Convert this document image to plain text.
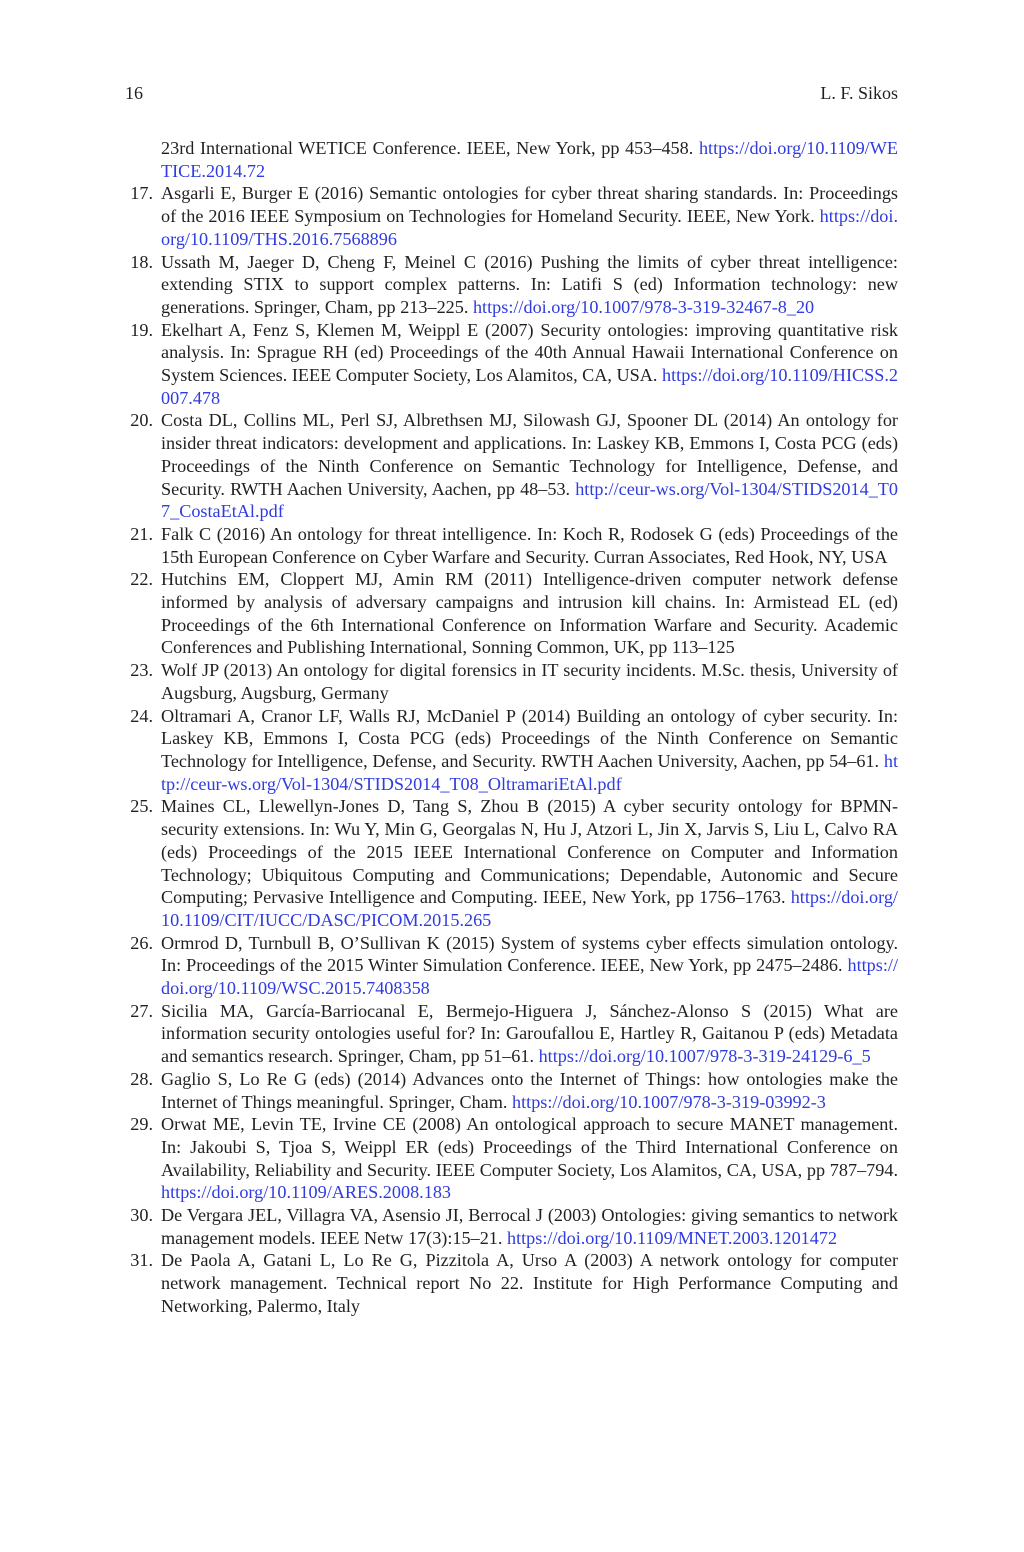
16	L. F. Sikos
23rd International WETICE Conference. IEEE, New York, pp 453–458. https://doi.org/10.1109/WETICE.2014.72
17. Asgarli E, Burger E (2016) Semantic ontologies for cyber threat sharing standards. In: Proceedings of the 2016 IEEE Symposium on Technologies for Homeland Security. IEEE, New York. https://doi.org/10.1109/THS.2016.7568896
18. Ussath M, Jaeger D, Cheng F, Meinel C (2016) Pushing the limits of cyber threat intelligence: extending STIX to support complex patterns. In: Latifi S (ed) Information technology: new generations. Springer, Cham, pp 213–225. https://doi.org/10.1007/978-3-319-32467-8_20
19. Ekelhart A, Fenz S, Klemen M, Weippl E (2007) Security ontologies: improving quantitative risk analysis. In: Sprague RH (ed) Proceedings of the 40th Annual Hawaii International Conference on System Sciences. IEEE Computer Society, Los Alamitos, CA, USA. https://doi.org/10.1109/HICSS.2007.478
20. Costa DL, Collins ML, Perl SJ, Albrethsen MJ, Silowash GJ, Spooner DL (2014) An ontology for insider threat indicators: development and applications. In: Laskey KB, Emmons I, Costa PCG (eds) Proceedings of the Ninth Conference on Semantic Technology for Intelligence, Defense, and Security. RWTH Aachen University, Aachen, pp 48–53. http://ceur-ws.org/Vol-1304/STIDS2014_T07_CostaEtAl.pdf
21. Falk C (2016) An ontology for threat intelligence. In: Koch R, Rodosek G (eds) Proceedings of the 15th European Conference on Cyber Warfare and Security. Curran Associates, Red Hook, NY, USA
22. Hutchins EM, Cloppert MJ, Amin RM (2011) Intelligence-driven computer network defense informed by analysis of adversary campaigns and intrusion kill chains. In: Armistead EL (ed) Proceedings of the 6th International Conference on Information Warfare and Security. Academic Conferences and Publishing International, Sonning Common, UK, pp 113–125
23. Wolf JP (2013) An ontology for digital forensics in IT security incidents. M.Sc. thesis, University of Augsburg, Augsburg, Germany
24. Oltramari A, Cranor LF, Walls RJ, McDaniel P (2014) Building an ontology of cyber security. In: Laskey KB, Emmons I, Costa PCG (eds) Proceedings of the Ninth Conference on Semantic Technology for Intelligence, Defense, and Security. RWTH Aachen University, Aachen, pp 54–61. http://ceur-ws.org/Vol-1304/STIDS2014_T08_OltramariEtAl.pdf
25. Maines CL, Llewellyn-Jones D, Tang S, Zhou B (2015) A cyber security ontology for BPMN-security extensions. In: Wu Y, Min G, Georgalas N, Hu J, Atzori L, Jin X, Jarvis S, Liu L, Calvo RA (eds) Proceedings of the 2015 IEEE International Conference on Computer and Information Technology; Ubiquitous Computing and Communications; Dependable, Autonomic and Secure Computing; Pervasive Intelligence and Computing. IEEE, New York, pp 1756–1763. https://doi.org/10.1109/CIT/IUCC/DASC/PICOM.2015.265
26. Ormrod D, Turnbull B, O’Sullivan K (2015) System of systems cyber effects simulation ontology. In: Proceedings of the 2015 Winter Simulation Conference. IEEE, New York, pp 2475–2486. https://doi.org/10.1109/WSC.2015.7408358
27. Sicilia MA, García-Barriocanal E, Bermejo-Higuera J, Sánchez-Alonso S (2015) What are information security ontologies useful for? In: Garoufallou E, Hartley R, Gaitanou P (eds) Metadata and semantics research. Springer, Cham, pp 51–61. https://doi.org/10.1007/978-3-319-24129-6_5
28. Gaglio S, Lo Re G (eds) (2014) Advances onto the Internet of Things: how ontologies make the Internet of Things meaningful. Springer, Cham. https://doi.org/10.1007/978-3-319-03992-3
29. Orwat ME, Levin TE, Irvine CE (2008) An ontological approach to secure MANET management. In: Jakoubi S, Tjoa S, Weippl ER (eds) Proceedings of the Third International Conference on Availability, Reliability and Security. IEEE Computer Society, Los Alamitos, CA, USA, pp 787–794. https://doi.org/10.1109/ARES.2008.183
30. De Vergara JEL, Villagra VA, Asensio JI, Berrocal J (2003) Ontologies: giving semantics to network management models. IEEE Netw 17(3):15–21. https://doi.org/10.1109/MNET.2003.1201472
31. De Paola A, Gatani L, Lo Re G, Pizzitola A, Urso A (2003) A network ontology for computer network management. Technical report No 22. Institute for High Performance Computing and Networking, Palermo, Italy
